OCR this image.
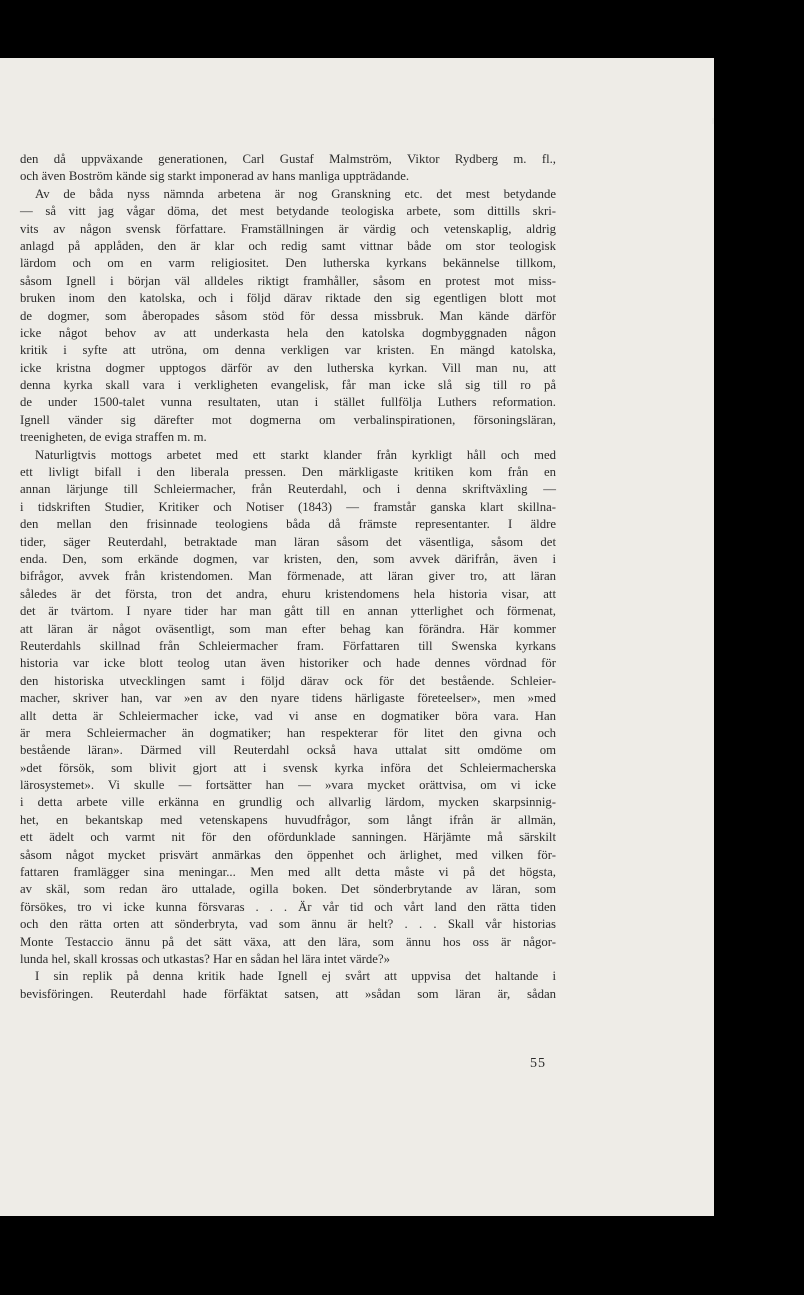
den då uppväxande generationen, Carl Gustaf Malmström, Viktor Rydberg m. fl.,
och även Boström kände sig starkt imponerad av hans manliga uppträdande.
Av de båda nyss nämnda arbetena är nog Granskning etc. det mest betydande
— så vitt jag vågar döma, det mest betydande teologiska arbete, som dittills skri-
vits av någon svensk författare. Framställningen är värdig och vetenskaplig, aldrig
anlagd på applåden, den är klar och redig samt vittnar både om stor teologisk
lärdom och om en varm religiositet. Den lutherska kyrkans bekännelse tillkom,
såsom Ignell i början väl alldeles riktigt framhåller, såsom en protest mot miss-
bruken inom den katolska, och i följd därav riktade den sig egentligen blott mot
de dogmer, som åberopades såsom stöd för dessa missbruk. Man kände därför
icke något behov av att underkasta hela den katolska dogmbyggnaden någon
kritik i syfte att utröna, om denna verkligen var kristen. En mängd katolska,
icke kristna dogmer upptogos därför av den lutherska kyrkan. Vill man nu, att
denna kyrka skall vara i verkligheten evangelisk, får man icke slå sig till ro på
de under 1500-talet vunna resultaten, utan i stället fullfölja Luthers reformation.
Ignell vänder sig därefter mot dogmerna om verbalinspirationen, försoningsläran,
treenigheten, de eviga straffen m. m.
Naturligtvis mottogs arbetet med ett starkt klander från kyrkligt håll och med
ett livligt bifall i den liberala pressen. Den märkligaste kritiken kom från en
annan lärjunge till Schleiermacher, från Reuterdahl, och i denna skriftväxling —
i tidskriften Studier, Kritiker och Notiser (1843) — framstår ganska klart skillna-
den mellan den frisinnade teologiens båda då främste representanter. I äldre
tider, säger Reuterdahl, betraktade man läran såsom det väsentliga, såsom det
enda. Den, som erkände dogmen, var kristen, den, som avvek därifrån, även i
bifrågor, avvek från kristendomen. Man förmenade, att läran giver tro, att läran
således är det första, tron det andra, ehuru kristendomens hela historia visar, att
det är tvärtom. I nyare tider har man gått till en annan ytterlighet och förmenat,
att läran är något oväsentligt, som man efter behag kan förändra. Här kommer
Reuterdahls skillnad från Schleiermacher fram. Författaren till Swenska kyrkans
historia var icke blott teolog utan även historiker och hade dennes vördnad för
den historiska utvecklingen samt i följd därav ock för det bestående. Schleier-
macher, skriver han, var »en av den nyare tidens härligaste företeelser», men »med
allt detta är Schleiermacher icke, vad vi anse en dogmatiker böra vara. Han
är mera Schleiermacher än dogmatiker; han respekterar för litet den givna och
bestående läran». Därmed vill Reuterdahl också hava uttalat sitt omdöme om
»det försök, som blivit gjort att i svensk kyrka införa det Schleiermacherska
lärosystemet». Vi skulle — fortsätter han — »vara mycket orättvisa, om vi icke
i detta arbete ville erkänna en grundlig och allvarlig lärdom, mycken skarpsinnig-
het, en bekantskap med vetenskapens huvudfrågor, som långt ifrån är allmän,
ett ädelt och varmt nit för den ofördunklade sanningen. Härjämte må särskilt
såsom något mycket prisvärt anmärkas den öppenhet och ärlighet, med vilken för-
fattaren framlägger sina meningar... Men med allt detta måste vi på det högsta,
av skäl, som redan äro uttalade, ogilla boken. Det sönderbrytande av läran, som
försökes, tro vi icke kunna försvaras . . . Är vår tid och vårt land den rätta tiden
och den rätta orten att sönderbryta, vad som ännu är helt? . . . Skall vår historias
Monte Testaccio ännu på det sätt växa, att den lära, som ännu hos oss är någor-
lunda hel, skall krossas och utkastas? Har en sådan hel lära intet värde?»
I sin replik på denna kritik hade Ignell ej svårt att uppvisa det haltande i
bevisföringen. Reuterdahl hade förfäktat satsen, att »sådan som läran är, sådan
55
